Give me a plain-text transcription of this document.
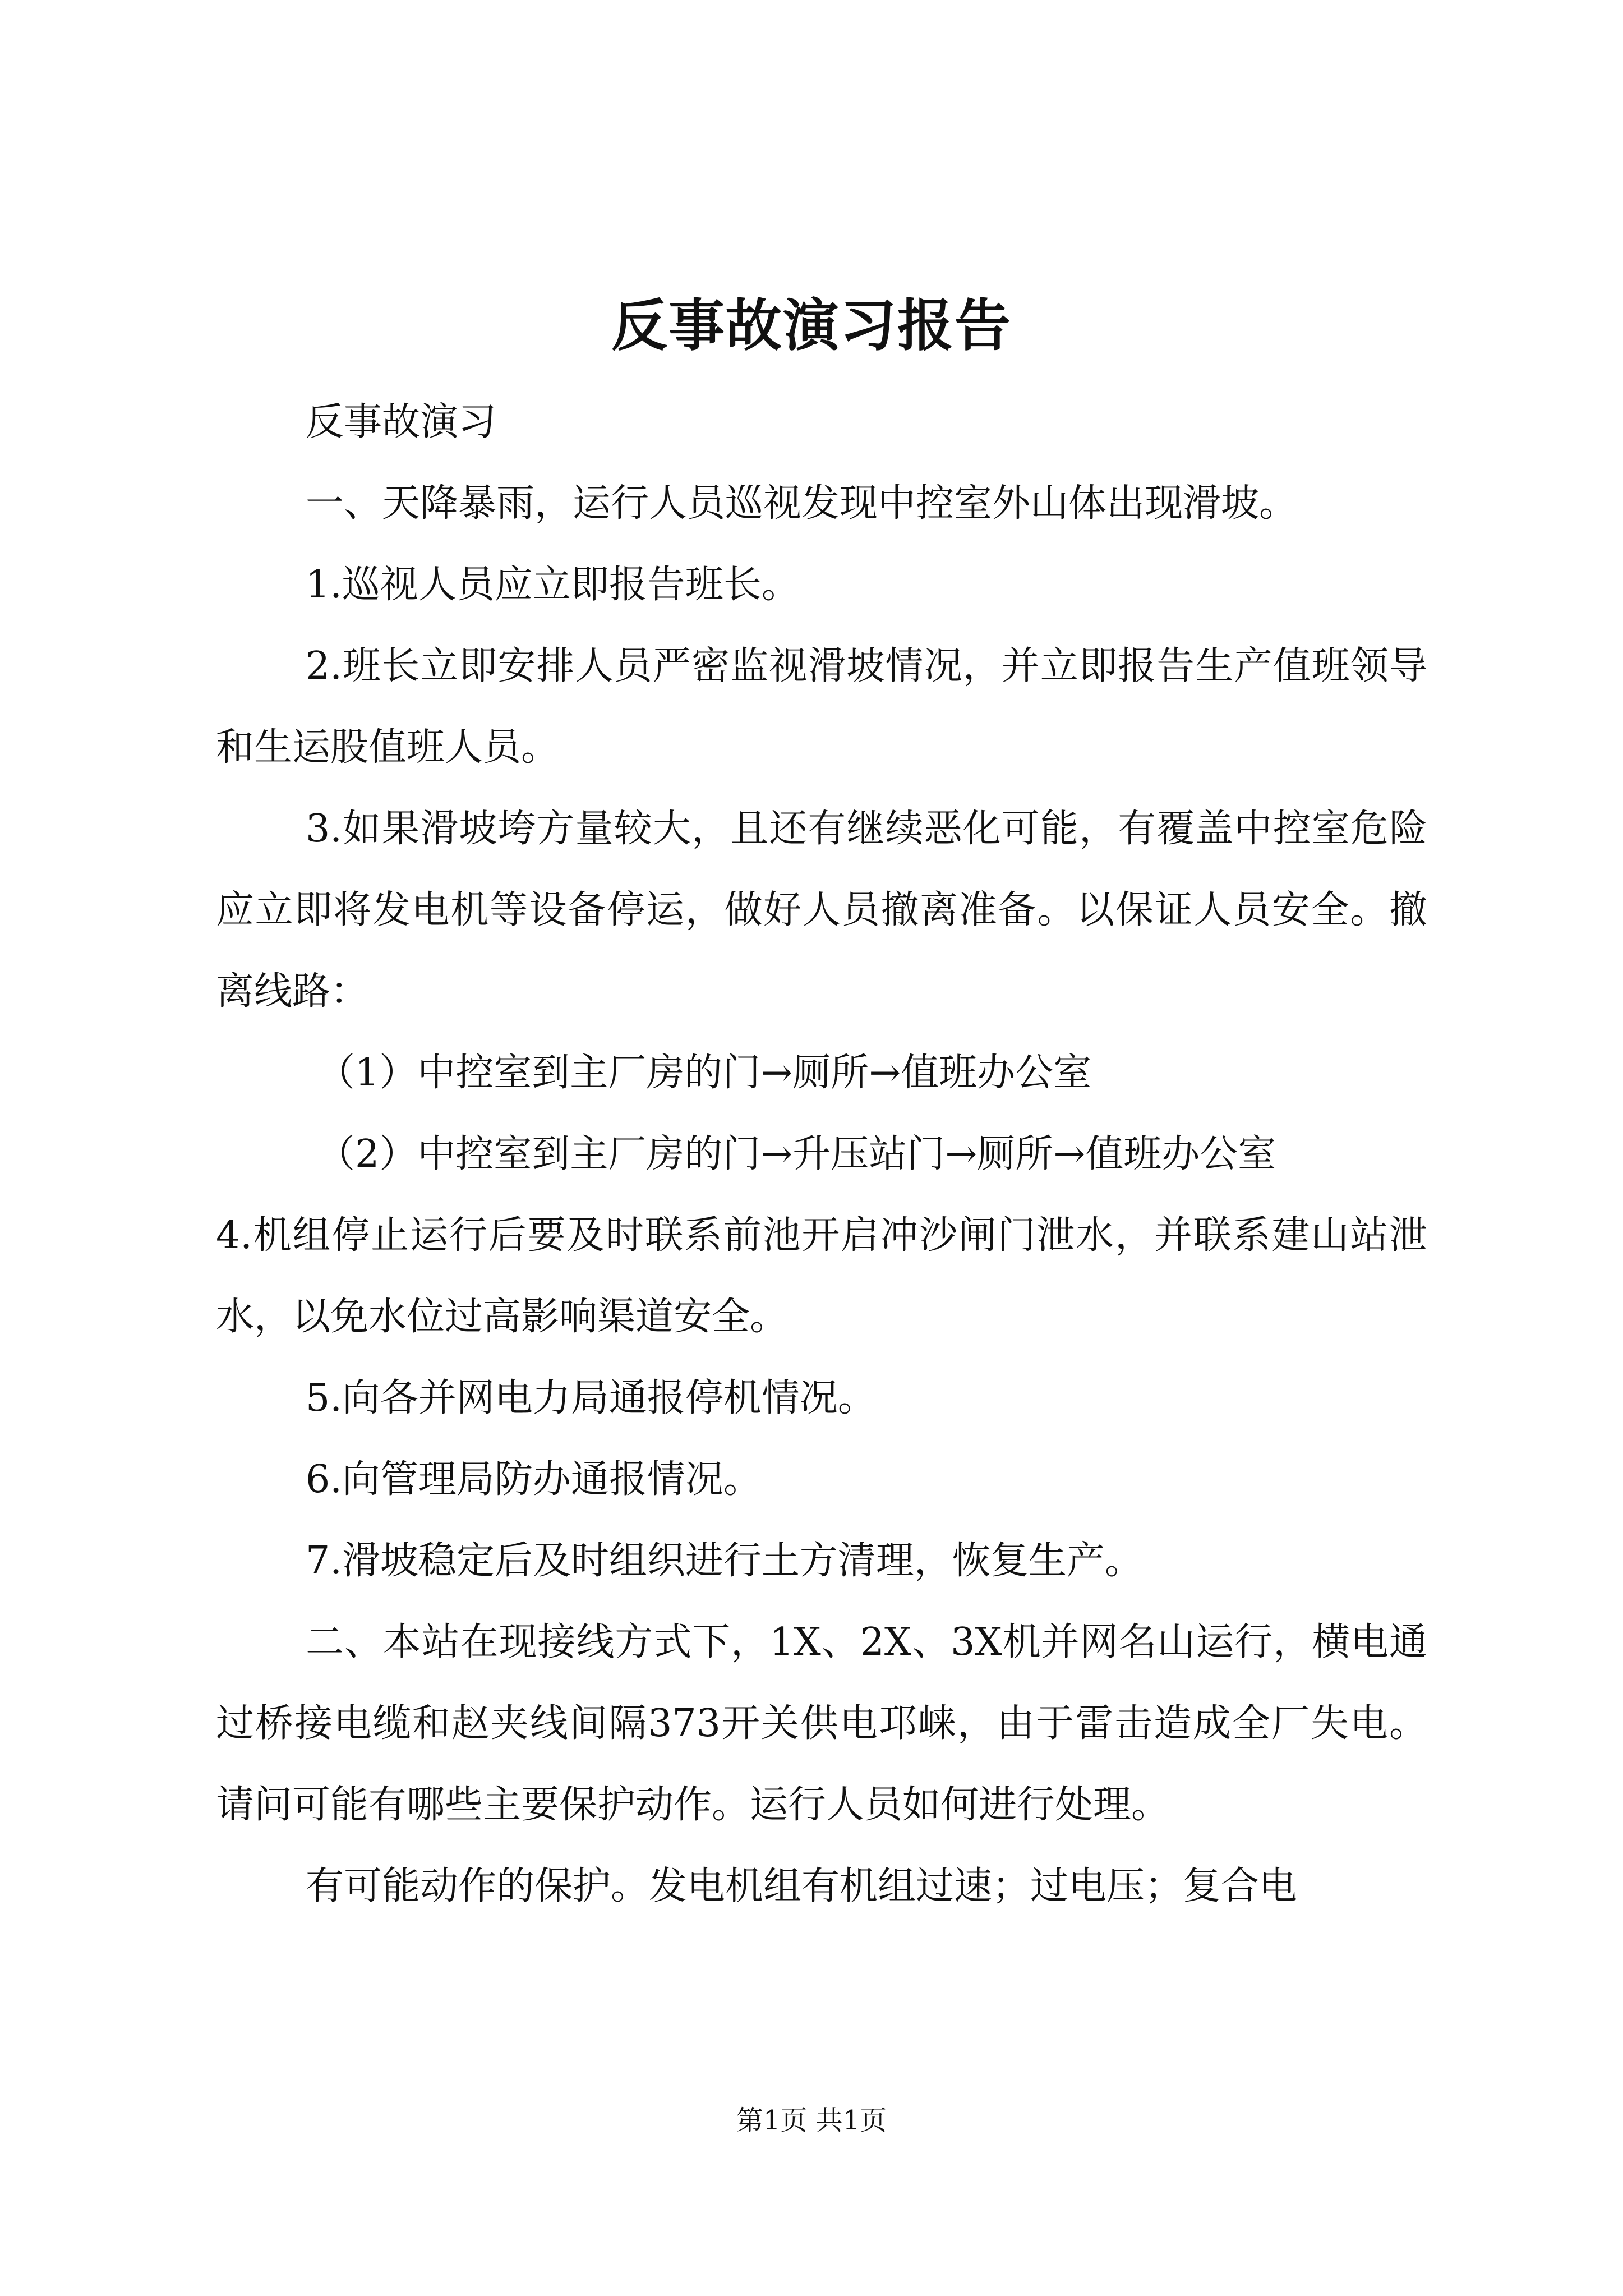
反事故演习报告

反事故演习

一、天降暴雨，运行人员巡视发现中控室外山体出现滑坡。

1.巡视人员应立即报告班长。

2.班长立即安排人员严密监视滑坡情况，并立即报告生产值班领导和生运股值班人员。

3.如果滑坡垮方量较大，且还有继续恶化可能，有覆盖中控室危险应立即将发电机等设备停运，做好人员撤离准备。以保证人员安全。撤离线路：

（1）中控室到主厂房的门→厕所→值班办公室

（2）中控室到主厂房的门→升压站门→厕所→值班办公室

4.机组停止运行后要及时联系前池开启冲沙闸门泄水，并联系建山站泄水，以免水位过高影响渠道安全。

5.向各并网电力局通报停机情况。

6.向管理局防办通报情况。

7.滑坡稳定后及时组织进行土方清理，恢复生产。

二、本站在现接线方式下，1X、2X、3X机并网名山运行，横电通过桥接电缆和赵夹线间隔373开关供电邛崃，由于雷击造成全厂失电。请问可能有哪些主要保护动作。运行人员如何进行处理。

有可能动作的保护。发电机组有机组过速；过电压；复合电

第1页 共1页
